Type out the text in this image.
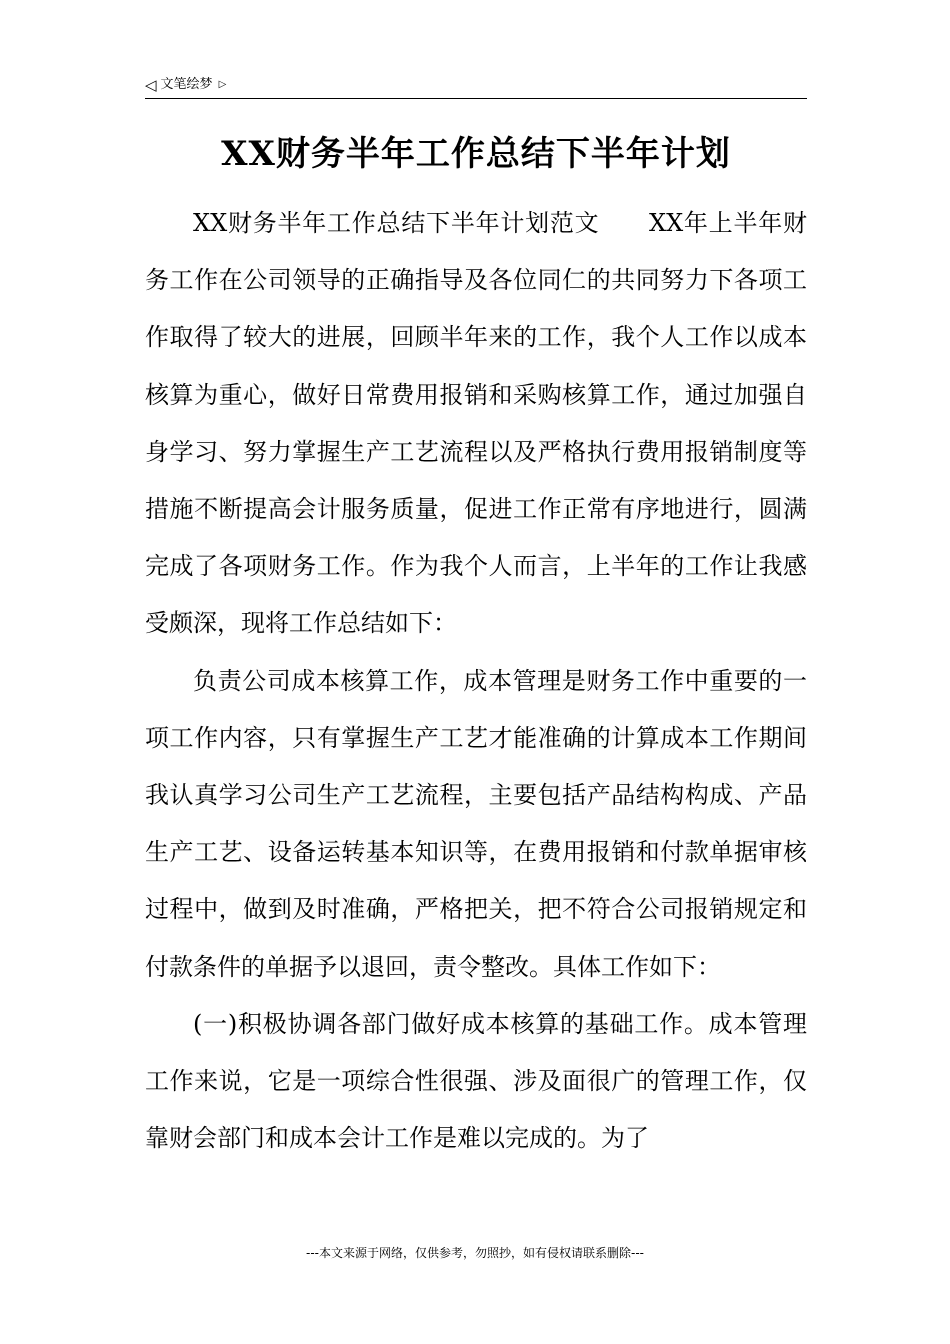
◁ 文笔绘梦 ▷
XX财务半年工作总结下半年计划

XX财务半年工作总结下半年计划范文　　XX年上半年财务工作在公司领导的正确指导及各位同仁的共同努力下各项工作取得了较大的进展，回顾半年来的工作，我个人工作以成本核算为重心，做好日常费用报销和采购核算工作，通过加强自身学习、努力掌握生产工艺流程以及严格执行费用报销制度等措施不断提高会计服务质量，促进工作正常有序地进行，圆满完成了各项财务工作。作为我个人而言，上半年的工作让我感受颇深，现将工作总结如下：

负责公司成本核算工作，成本管理是财务工作中重要的一项工作内容，只有掌握生产工艺才能准确的计算成本工作期间我认真学习公司生产工艺流程，主要包括产品结构构成、产品生产工艺、设备运转基本知识等，在费用报销和付款单据审核过程中，做到及时准确，严格把关，把不符合公司报销规定和付款条件的单据予以退回，责令整改。具体工作如下：

(一)积极协调各部门做好成本核算的基础工作。成本管理工作来说，它是一项综合性很强、涉及面很广的管理工作，仅靠财会部门和成本会计工作是难以完成的。为了

---本文来源于网络，仅供参考，勿照抄，如有侵权请联系删除---
